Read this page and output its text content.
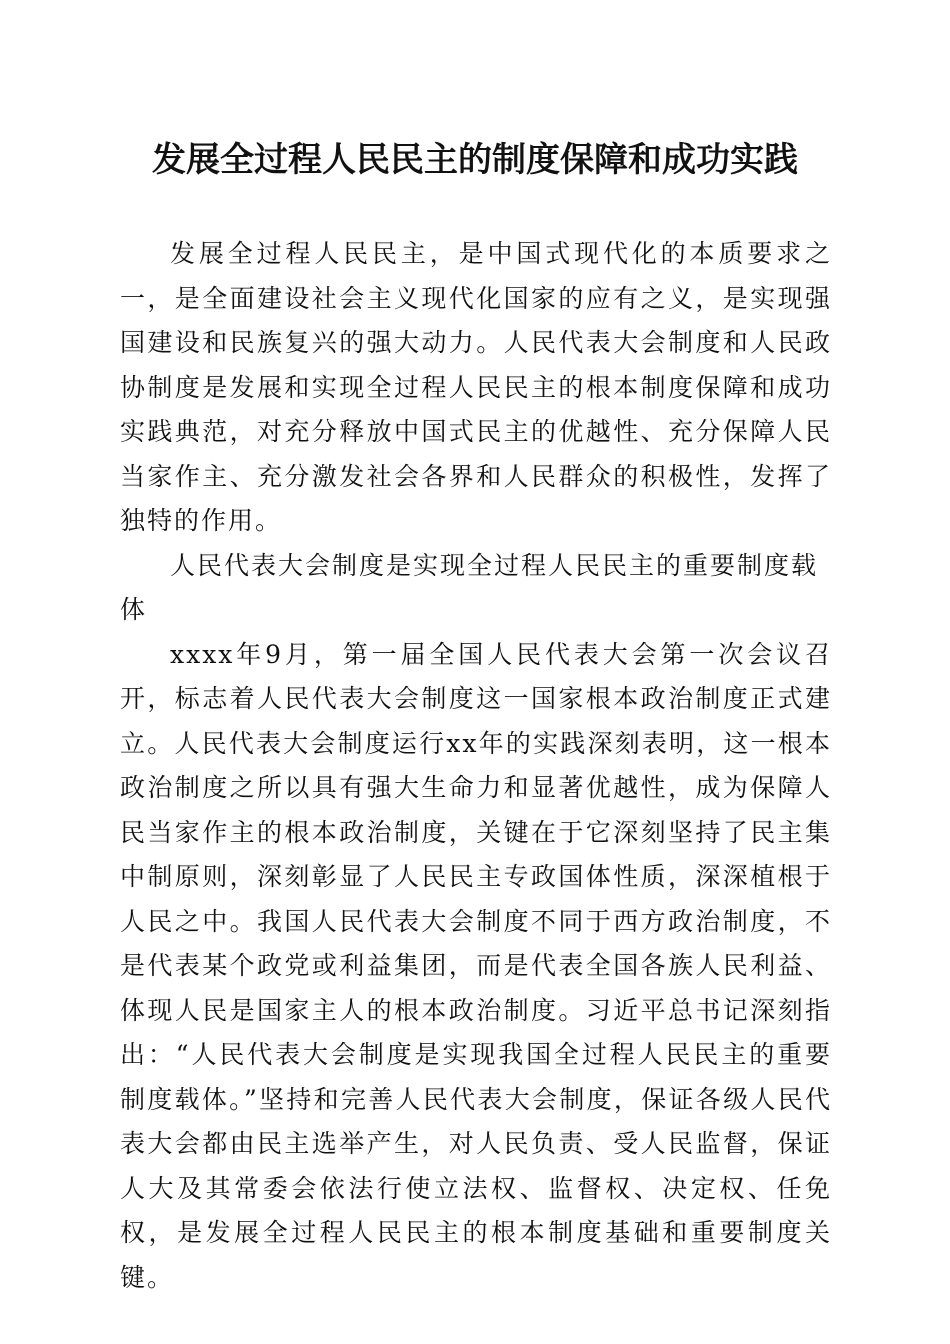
发展全过程人民民主的制度保障和成功实践

发展全过程人民民主，是中国式现代化的本质要求之一，是全面建设社会主义现代化国家的应有之义，是实现强国建设和民族复兴的强大动力。人民代表大会制度和人民政协制度是发展和实现全过程人民民主的根本制度保障和成功实践典范，对充分释放中国式民主的优越性、充分保障人民当家作主、充分激发社会各界和人民群众的积极性，发挥了独特的作用。

人民代表大会制度是实现全过程人民民主的重要制度载体

xxxx年9月，第一届全国人民代表大会第一次会议召开，标志着人民代表大会制度这一国家根本政治制度正式建立。人民代表大会制度运行xx年的实践深刻表明，这一根本政治制度之所以具有强大生命力和显著优越性，成为保障人民当家作主的根本政治制度，关键在于它深刻坚持了民主集中制原则，深刻彰显了人民民主专政国体性质，深深植根于人民之中。我国人民代表大会制度不同于西方政治制度，不是代表某个政党或利益集团，而是代表全国各族人民利益、体现人民是国家主人的根本政治制度。习近平总书记深刻指出：“人民代表大会制度是实现我国全过程人民民主的重要制度载体。”坚持和完善人民代表大会制度，保证各级人民代表大会都由民主选举产生，对人民负责、受人民监督，保证人大及其常委会依法行使立法权、监督权、决定权、任免权，是发展全过程人民民主的根本制度基础和重要制度关键。
